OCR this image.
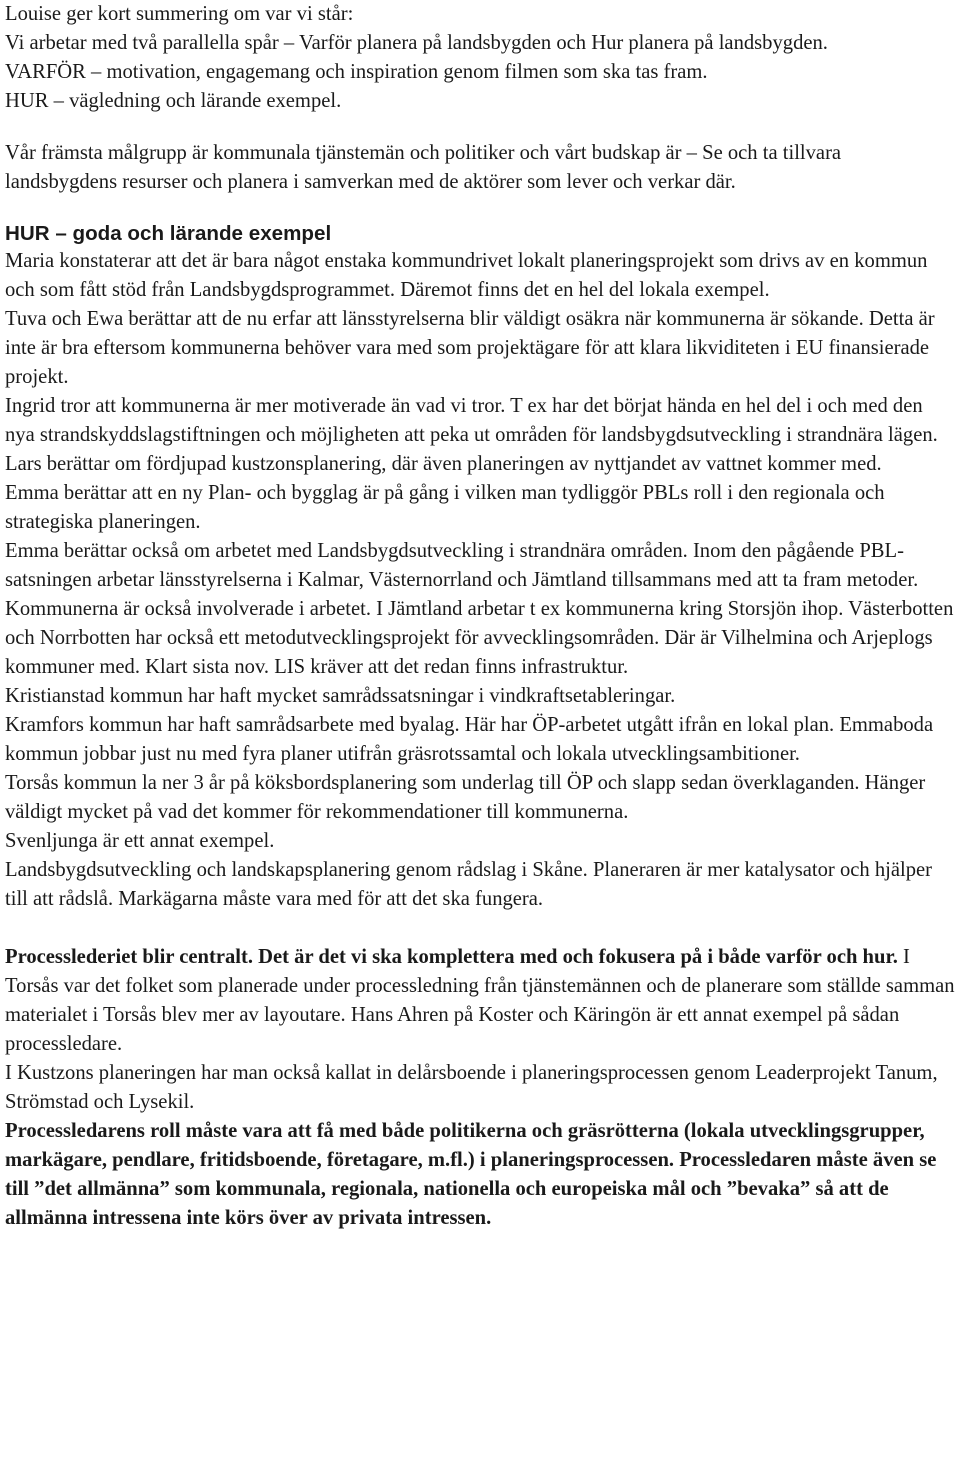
Louise ger kort summering om var vi står:

Vi arbetar med två parallella spår – Varför planera på landsbygden och Hur planera på landsbygden.

VARFÖR – motivation, engagemang och inspiration genom filmen som ska tas fram.

HUR – vägledning och lärande exempel.

Vår främsta målgrupp är kommunala tjänstemän och politiker och vårt budskap är – Se och ta tillvara landsbygdens resurser och planera i samverkan med de aktörer som lever och verkar där.

HUR – goda och lärande exempel

Maria konstaterar att det är bara något enstaka kommundrivet lokalt planeringsprojekt som drivs av en kommun och som fått stöd från Landsbygdsprogrammet. Däremot finns det en hel del lokala exempel.

Tuva och Ewa berättar att de nu erfar att länsstyrelserna blir väldigt osäkra när kommunerna är sökande. Detta är inte är bra eftersom kommunerna behöver vara med som projektägare för att klara likviditeten i EU finansierade projekt.

Ingrid tror att kommunerna är mer motiverade än vad vi tror. T ex har det börjat hända en hel del i och med den nya strandskyddslagstiftningen och möjligheten att peka ut områden för landsbygdsutveckling i strandnära lägen.

Lars berättar om fördjupad kustzonsplanering, där även planeringen av nyttjandet av vattnet kommer med.

Emma berättar att en ny Plan- och bygglag är på gång i vilken man tydliggör PBLs roll i den regionala och strategiska planeringen.

Emma berättar också om arbetet med Landsbygdsutveckling i strandnära områden. Inom den pågående PBL-satsningen arbetar länsstyrelserna i Kalmar, Västernorrland och Jämtland tillsammans med att ta fram metoder. Kommunerna är också involverade i arbetet. I Jämtland arbetar t ex kommunerna kring Storsjön ihop. Västerbotten och Norrbotten har också ett metodutvecklingsprojekt för avvecklingsområden. Där är Vilhelmina och Arjeplogs kommuner med. Klart sista nov. LIS kräver att det redan finns infrastruktur.

Kristianstad kommun har haft mycket samrådssatsningar i vindkraftsetableringar.

Kramfors kommun har haft samrådsarbete med byalag. Här har ÖP-arbetet utgått ifrån en lokal plan. Emmaboda kommun jobbar just nu med fyra planer utifrån gräsrotssamtal och lokala utvecklingsambitioner.

Torsås kommun la ner 3 år på köksbordsplanering som underlag till ÖP och slapp sedan överklaganden. Hänger väldigt mycket på vad det kommer för rekommendationer till kommunerna.

Svenljunga är ett annat exempel.

Landsbygdsutveckling och landskapsplanering genom rådslag i Skåne. Planeraren är mer katalysator och hjälper till att rådslå. Markägarna måste vara med för att det ska fungera.

Processlederiet blir centralt. Det är det vi ska komplettera med och fokusera på i både varför och hur. I Torsås var det folket som planerade under processledning från tjänstemännen och de planerare som ställde samman materialet i Torsås blev mer av layoutare. Hans Ahren på Koster och Käringön är ett annat exempel på sådan processledare.

I Kustzons planeringen har man också kallat in delårsboende i planeringsprocessen genom Leaderprojekt Tanum, Strömstad och Lysekil.

Processledarens roll måste vara att få med både politikerna och gräsrötterna (lokala utvecklingsgrupper, markägare, pendlare, fritidsboende, företagare, m.fl.) i planeringsprocessen. Processledaren måste även se till ”det allmänna” som kommunala, regionala, nationella och europeiska mål och ”bevaka” så att de allmänna intressena inte körs över av privata intressen.
